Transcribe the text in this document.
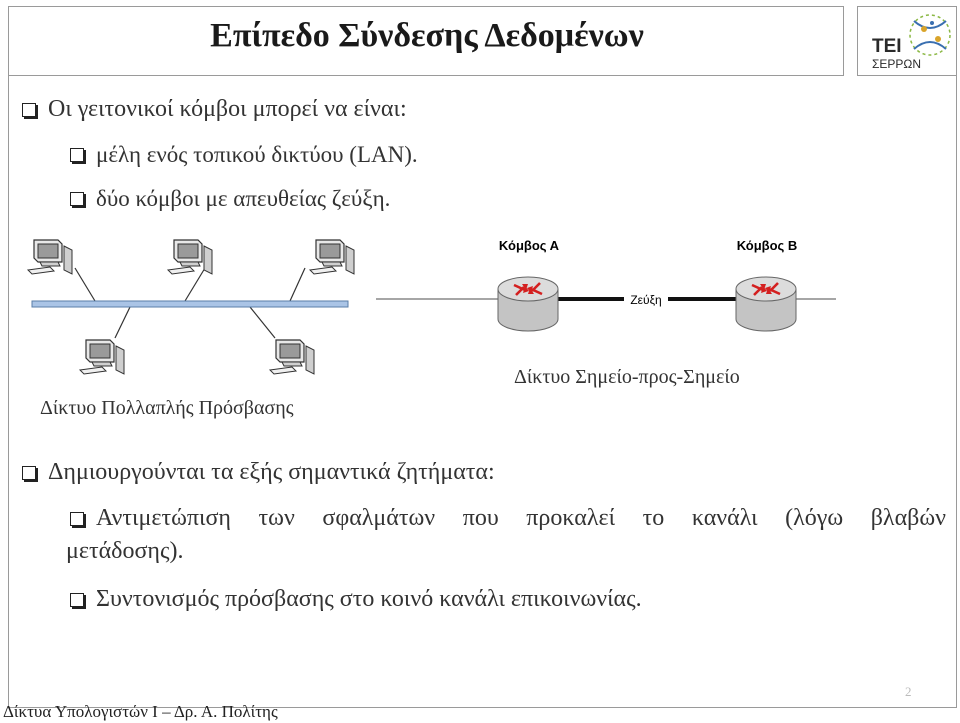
Επίπεδο Σύνδεσης Δεδομένων	ΤΕΙ
ΣΕΡΡΩΝ
Οι γειτονικοί κόμβοι μπορεί να είναι:
μέλη ενός τοπικού δικτύου (LAN).
δύο κόμβοι με απευθείας ζεύξη.
Δίκτυο Πολλαπλής Πρόσβασης
Ζεύξη
Κόμβος Α	Κόμβος Β
Δίκτυο Σημείο-προς-Σημείο
Δημιουργούνται τα εξής σημαντικά ζητήματα:
Αντιμετώπιση των σφαλμάτων που προκαλεί το κανάλι (λόγω βλαβών
μετάδοσης).
Συντονισμός πρόσβασης στο κοινό κανάλι επικοινωνίας.
Δίκτυα Υπολογιστών Ι – Δρ. Α. Πολίτης
2
